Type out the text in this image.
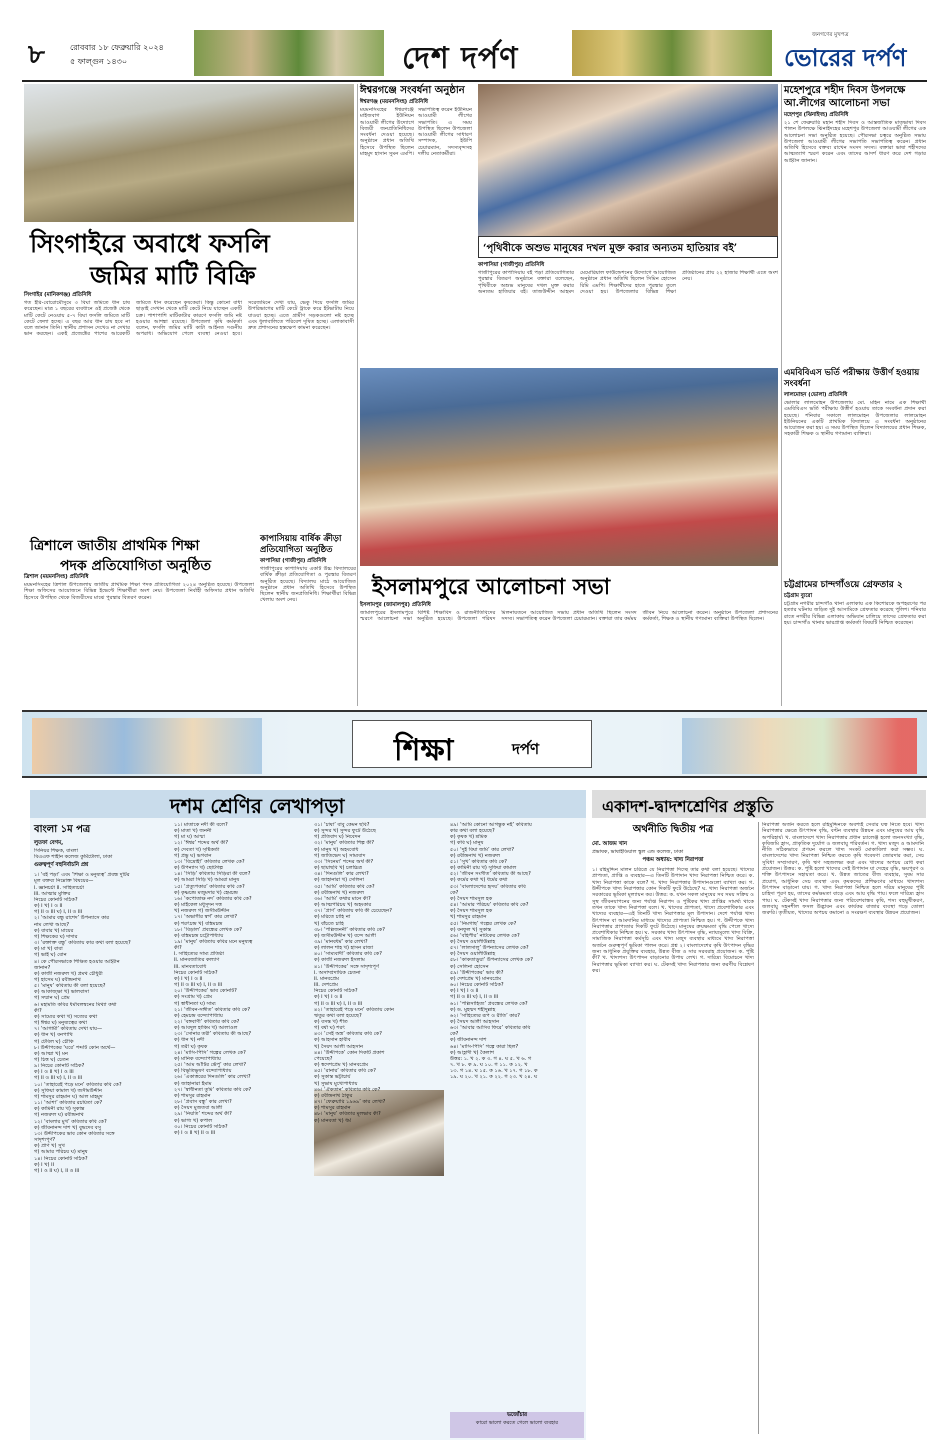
৮	রোববার ১৮ ফেব্রুয়ারি ২০২৪
৫ ফাল্গুন ১৪৩০	দেশ দর্পণ
জনগণের মুখপত্র
ভোরের দর্পণ
সিংগাইরে অবাধে ফসলি
জমির মাটি বিক্রি
সিংগাইর (মানিকগঞ্জ) প্রতিনিধি
গত ইরি-বোরোমৌসুমে ৩ বিঘা জমিতে ধান চাষ করেছেন। মাত্র ১ বছরের ব্যবধানে ওই প্রজেক্ট থেকে মাটি কেটে নেওয়ায় ৫-৭ বিঘা ফসলি জমিতে মাটি কেটে ফেলা হচ্ছে। এ বছর আর ধান চাষ হবে না বলে জানান তিনি। স্থানীয় প্রশাসন দেখেও না দেখার ভান করছেন। একই প্রজেক্টের পাশের আরেকটি জমিতে ধান করেছেন কৃষকেরা। কিন্তু কোনো বাধা ছাড়াই সেখান থেকে মাটি কেটে নিয়ে যাচ্ছেন একটি চক্র। পাশাপাশি মাটিকাটার কারণে ফসলি জমি নষ্ট হওয়ার আশঙ্কা রয়েছে। উপজেলা কৃষি কর্মকর্তা বলেন, ফসলি জমির মাটি কাটা আইনত দণ্ডনীয় অপরাধ। অভিযোগ পেলে ব্যবস্থা নেওয়া হবে। সরেজমিনে দেখা যায়, ভেকু দিয়ে ফসলি জমির উপরিভাগের মাটি কেটে ট্রাকে করে ইটভাটায় নিয়ে যাওয়া হচ্ছে। এতে গ্রামীণ সড়কগুলো নষ্ট হচ্ছে এবং ধুলাবালিতে পরিবেশ দূষিত হচ্ছে। এলাকাবাসী দ্রুত প্রশাসনের হস্তক্ষেপ কামনা করেছেন।
ঈশ্বরগঞ্জে সংবর্ধনা অনুষ্ঠান
ঈশ্বরগঞ্জ (ময়মনসিংহ) প্রতিনিধি
ময়মনসিংহের ঈশ্বরগঞ্জে মাইজবাগ ইউনিয়ন আওয়ামী লীগের উদ্যোগে বিজয়ী জনপ্রতিনিধিদের সংবর্ধনা দেওয়া হয়েছে। অনুষ্ঠানে প্রধান অতিথি হিসেবে উপস্থিত ছিলেন মাহমুদ হাসান সুমন এমপি। সভাপতিত্ব করেন ইউনিয়ন আওয়ামী লীগের সভাপতি। এ সময় উপস্থিত ছিলেন উপজেলা আওয়ামী লীগের সাধারণ সম্পাদক, ইউপি চেয়ারম্যান, সদস্যবৃন্দসহ দলীয় নেতাকর্মীরা।
‘পৃথিবীকে অশুভ মানুষের দখল মুক্ত করার অন্যতম হাতিয়ার বই’
কাপাসিয়া (গাজীপুর) প্রতিনিধি
গাজীপুরের কাপাসিয়ায় বই পড়া প্রতিযোগিতার পুরস্কার বিতরণ অনুষ্ঠানে বক্তারা বলেছেন, পৃথিবীকে অশুভ মানুষের দখল মুক্ত করার অন্যতম হাতিয়ার বই। তাজউদ্দীন আহমদ মেমোরিয়াল ফাউন্ডেশনের উদ্যোগে আয়োজিত অনুষ্ঠানে প্রধান অতিথি ছিলেন সিমিন হোসেন রিমি এমপি। শিক্ষার্থীদের হাতে পুরস্কার তুলে দেওয়া হয়। উপজেলার বিভিন্ন শিক্ষা প্রতিষ্ঠানের প্রায় ২২ হাজার শিক্ষার্থী এতে অংশ নেয়।
মহেশপুরে শহীদ দিবস উপলক্ষে আ.লীগের আলোচনা সভা
মহেশপুর (ঝিনাইদহ) প্রতিনিধি
২১ শে ফেব্রুয়ারি মহান শহীদ দিবস ও আন্তর্জাতিক মাতৃভাষা দিবস পালন উপলক্ষে ঝিনাইদহের মহেশপুর উপজেলা আওয়ামী লীগের এক আলোচনা সভা অনুষ্ঠিত হয়েছে। পৌরসভা চত্বরে অনুষ্ঠিত সভায় উপজেলা আওয়ামী লীগের সভাপতি সভাপতিত্ব করেন। প্রধান অতিথি হিসেবে বক্তব্য রাখেন সংসদ সদস্য। বক্তারা ভাষা শহীদদের আত্মত্যাগ স্মরণ করেন এবং তাদের আদর্শ ধারণ করে দেশ গড়ার আহ্বান জানান।
এমবিবিএস ভর্তি পরীক্ষায় উত্তীর্ণ হওয়ায় সংবর্ধনা
লালমোহন (ভোলা) প্রতিনিধি
ভোলার লালমোহন উপজেলায় মো. মহিন নামে এক শিক্ষার্থী এমবিবিএস ভর্তি পরীক্ষায় উত্তীর্ণ হওয়ায় তাকে সংবর্ধনা প্রদান করা হয়েছে। শনিবার সকালে লালমোহন উপজেলার লালমোহন ইউনিয়নের একটি প্রাথমিক বিদ্যালয়ে এ সংবর্ধনা অনুষ্ঠানের আয়োজন করা হয়। এ সময় উপস্থিত ছিলেন বিদ্যালয়ের প্রধান শিক্ষক, সহকারী শিক্ষক ও স্থানীয় গণ্যমান্য ব্যক্তিরা।
ত্রিশালে জাতীয় প্রাথমিক শিক্ষা
পদক প্রতিযোগিতা অনুষ্ঠিত
ত্রিশাল (ময়মনসিংহ) প্রতিনিধি
ময়মনসিংহের ত্রিশাল উপজেলায় জাতীয় প্রাথমিক শিক্ষা পদক প্রতিযোগিতা ২০২৪ অনুষ্ঠিত হয়েছে। উপজেলা শিক্ষা অফিসের আয়োজনে বিভিন্ন ইভেন্টে শিক্ষার্থীরা অংশ নেয়। উপজেলা নির্বাহী অফিসার প্রধান অতিথি হিসেবে উপস্থিত থেকে বিজয়ীদের মাঝে পুরস্কার বিতরণ করেন।
কাপাসিয়ায় বার্ষিক ক্রীড়া প্রতিযোগিতা অনুষ্ঠিত
কাপাসিয়া (গাজীপুর) প্রতিনিধি
গাজীপুরের কাপাসিয়ায় একটি উচ্চ বিদ্যালয়ের বার্ষিক ক্রীড়া প্রতিযোগিতা ও পুরস্কার বিতরণ অনুষ্ঠিত হয়েছে। বিদ্যালয় মাঠে আয়োজিত অনুষ্ঠানে প্রধান অতিথি হিসেবে উপস্থিত ছিলেন স্থানীয় জনপ্রতিনিধি। শিক্ষার্থীরা বিভিন্ন খেলায় অংশ নেয়।
ইসলামপুরে আলোচনা সভা
ইসলামপুর (জামালপুর) প্রতিনিধি
জামালপুরের ইসলামপুরে বিশিষ্ট শিক্ষাবিদ ও রাজনীতিবিদের স্মরণে আলোচনা সভা অনুষ্ঠিত হয়েছে। উপজেলা পরিষদ মিলনায়তনে আয়োজিত সভায় প্রধান অতিথি ছিলেন সংসদ সদস্য। সভাপতিত্ব করেন উপজেলা চেয়ারম্যান। বক্তারা তার কর্মময় জীবন নিয়ে আলোচনা করেন। অনুষ্ঠানে উপজেলা প্রশাসনের কর্মকর্তা, শিক্ষক ও স্থানীয় গণ্যমান্য ব্যক্তিরা উপস্থিত ছিলেন।
চট্টগ্রামের চান্দগাঁওয়ে গ্রেফতার ২
চট্টগ্রাম ব্যুরো
চট্টগ্রাম নগরীর চান্দগাঁও থানা এলাকায় এক কিশোরকে অপহরণের পর হত্যার ঘটনায় জড়িত দুই আসামিকে গ্রেফতার করেছে পুলিশ। শনিবার রাতে নগরীর বিভিন্ন এলাকায় অভিযান চালিয়ে তাদের গ্রেফতার করা হয়। চান্দগাঁও থানার ভারপ্রাপ্ত কর্মকর্তা বিষয়টি নিশ্চিত করেছেন।
শিক্ষা	দর্পণ
দশম শ্রেণির লেখাপড়া
বাংলা ১ম পত্র
লুতফা বেগম,
সিনিয়র শিক্ষক, বাংলা
বিএএফ শাহীন কলেজ কুর্মিটোলা, ঢাকা
গুরুত্বপূর্ণ বহুনির্বাচনি প্রশ্ন
১। ‘বই পড়া’ এবং ‘শিক্ষা ও মনুষ্যত্ব’ প্রবন্ধ দুটির
মূল বক্তব্য নিম্নোক্ত বিষয়ের—
i. জ্ঞানচর্চা ii. সাহিত্যচর্চা
iii. আত্মার মুক্তির
নিচের কোনটি সঠিক?
ক) i খ) i ও ii
গ) ii ও iii ঘ) i, ii ও iii
২। ‘আমার বন্ধু রাশেদ’ উপন্যাসে কার
নাম লেখা আছে?
ক) বাবার খ) মায়ের
গ) শিক্ষকের ঘ) দাদার
৩। ‘রক্তাক্ত বন্ধু’ কবিতায় কার কথা বলা হয়েছে?
ক) মা খ) বাবা
গ) ভাই ঘ) বোন
৪। কে পৌরসভাকে শিক্ষিত হওয়ার আহ্বান
জানান?
ক) কাজী নজরুল খ) প্রমথ চৌধুরী
গ) হাসেম ঘ) রবীন্দ্রনাথ
৫। ‘মানুষ’ কবিতায় কী বলা হয়েছে?
ক) আকাজ্ক্ষা খ) ভালবাসা
গ) সম্মান ঘ) প্রেম
৬। মহামতি কবির ধর্মাবলম্বনের মিথ্যা কথা
কী?
ক) সাম্যের কথা খ) সত্যের কথা
গ) ঈশ্বর ঘ) মনুষ্যত্বের কথা
৭। ‘আগামী’ কবিতায় দেখা যায়—
ক) ধান খ) বনপাখি
গ) টেবিল ঘ) চৌকি
৮। উদ্দীপকের ‘ঘরে’ শব্দটি কোন অর্থে—
ক) আত্মা খ) মন
গ) চিত্ত ঘ) চেতন
৯। নিচের কোনটি সঠিক?
ক) i ও ii খ) i ও iii
গ) ii ও iii ঘ) i, ii ও iii
১০। ‘তাহারেই পড়ে মনে’ কবিতার কবি কে?
ক) সুফিয়া কামাল খ) জসীমউদ্দীন
গ) শামসুর রাহমান ঘ) আল মাহমুদ
১১। ‘আশা’ কবিতার রচয়িতা কে?
ক) কামিনী রায় খ) সুকান্ত
গ) নজরুল ঘ) রবীন্দ্রনাথ
১২। ‘বাংলার মুখ’ কবিতার কবি কে?
ক) জীবনানন্দ দাশ খ) বুদ্ধদেব বসু
১৩। উদ্দীপকের ভাব কোন কবিতার সঙ্গে
সাদৃশ্যপূর্ণ?
ক) প্রাণ খ) সুখ
গ) আমার পরিচয় ঘ) মানুষ
১৪। নিচের কোনটি সঠিক?
ক) i খ) ii
গ) i ও ii ঘ) i, ii ও iii
১১। মাতাকে নদী কী বলে?
ক) মাতা খ) জননী
গ) মা ঘ) আম্মা
১২। ‘ঈশ্বর’ শব্দের অর্থ কী?
ক) দেবতা খ) সৃষ্টিকর্তা
গ) প্রভু ঘ) ভগবান
১৩। ‘বিদ্রোহী’ কবিতার লেখক কে?
ক) উপন্যাস খ) ছোটগল্প
১৪। ‘সিঁড়ি’ কবিতায় সিঁড়িরা কী বলে?
ক) আমরা সিঁড়ি খ) আমরা মানুষ
১৫। ‘প্রত্যুপকার’ কবিতার কবি কে?
ক) কৃষ্ণচন্দ্র মজুমদার খ) হেমচন্দ্র
১৬। ‘কপোতাক্ষ নদ’ কবিতার কবি কে?
ক) মাইকেল মধুসূদন দত্ত
খ) নজরুল গ) জসীমউদ্দীন
১৭। ‘অভাগীর স্বর্গ’ কার লেখা?
ক) শরৎচন্দ্র খ) বঙ্কিমচন্দ্র
১৮। ‘বিড়াল’ প্রবন্ধের লেখক কে?
ক) বঙ্কিমচন্দ্র চট্টোপাধ্যায়
১৯। ‘মানুষ’ কবিতায় কবির মনে মনুষ্যত্ব
কী?
i. সাহিত্যের সাম্য প্রতিষ্ঠা
ii. মানবজাতির কল্যাণ
iii. মানবতাবোধ
নিচের কোনটি সঠিক?
ক) i খ) i ও ii
গ) ii ও iii ঘ) i, ii ও iii
২০। ‘উদ্দীপকের’ ভাব কোনটি?
ক) সংগ্রাম খ) প্রেম
গ) স্বাধীনতা ঘ) সাম্য
২১। ‘জীবন-সঙ্গীত’ কবিতার কবি কে?
ক) হেমচন্দ্র বন্দ্যোপাধ্যায়
২২। ‘বঙ্গবাণী’ কবিতার কবি কে?
ক) আবদুল হাকিম খ) আলাওল
২৩। ‘সোনার তরী’ কবিতায় কী আছে?
ক) ধান খ) নদী
গ) তরী ঘ) কৃষক
২৪। ‘মাসি-পিসি’ গল্পের লেখক কে?
ক) মানিক বন্দ্যোপাধ্যায়
২৫। ‘আম আঁটির ভেঁপু’ কার লেখা?
ক) বিভূতিভূষণ বন্দ্যোপাধ্যায়
২৬। ‘একাত্তরের দিনগুলি’ কার লেখা?
ক) জাহানারা ইমাম
২৭। ‘স্বাধীনতা তুমি’ কবিতার কবি কে?
ক) শামসুর রাহমান
২৮। ‘প্রবাস বন্ধু’ কার লেখা?
ক) সৈয়দ মুজতবা আলী
২৯। ‘নিয়তি’ শব্দের অর্থ কী?
ক) ভাগ্য খ) কপাল
৩০। নিচের কোনটি সঠিক?
ক) i ও ii খ) ii ও iii
৩১। ‘চাষা’ বাবু কেমন ছবি?
ক) সুন্দর খ) সুন্দর ফুটে উঠেছে
গ) প্রতিবাদ ঘ) নিবেদন
৩২। ‘মানুষ’ কবিতার শিল্প কী?
ক) মানুষ খ) অহংবোধ
গ) জাতিভেদ ঘ) সাম্যবাদ
৩৩। ‘সিনেমা’ শব্দের অর্থ কী?
ক) ছায়াছবি খ) চলচ্চিত্র
৩৪। ‘দিনগুলি’ কার লেখা?
ক) জাহানারা খ) সেলিনা
৩৫। ‘আমি’ কবিতার কবি কে?
ক) রবীন্দ্রনাথ খ) নজরুল
৩৬। ‘আমি’ কথার মানে কী?
ক) আত্মপরিচয় খ) অহংকার
৩৭। ‘প্রাণ’ কবিতায় কবি কী চেয়েছেন?
ক) মরিতে চাহি না
খ) বাঁচতে চাহি
৩৮। ‘পল্লিজননী’ কবিতার কবি কে?
ক) জসীমউদ্দীন খ) বন্দে আলী
৩৯। ‘মানবধর্ম’ কার লেখা?
ক) লালন শাহ খ) হাসন রাজা
৪০। ‘সাম্যবাদী’ কবিতার কবি কে?
ক) কাজী নজরুল ইসলাম
৪১। ‘উদ্দীপকের’ সঙ্গে সাদৃশ্যপূর্ণ
i. অসাম্প্রদায়িক চেতনা
ii. মানবপ্রেম
iii. দেশপ্রেম
নিচের কোনটি সঠিক?
ক) i খ) i ও ii
গ) ii ও iii ঘ) i, ii ও iii
৪২। ‘তাহারেই পড়ে মনে’ কবিতায় কোন
ঋতুর কথা বলা হয়েছে?
ক) বসন্ত খ) শীত
গ) বর্ষা ঘ) শরৎ
৪৩। ‘সেই অস্ত্র’ কবিতার কবি কে?
ক) আহসান হাবীব
খ) সৈয়দ আলী আহসান
৪৪। ‘উদ্দীপকে’ কোন দিকটি প্রকাশ
পেয়েছে?
ক) স্বদেশপ্রেম খ) মানবপ্রেম
৪৫। ‘রানার’ কবিতার কবি কে?
ক) সুকান্ত ভট্টাচার্য
খ) সুভাষ মুখোপাধ্যায়
৪৬। ‘ঐকতান’ কবিতার কবি কে?
ক) রবীন্দ্রনাথ ঠাকুর
৪৭। ‘ফেব্রুয়ারি ১৯৬৯’ কার লেখা?
ক) শামসুর রাহমান
৪৮। ‘মানুষ’ কবিতার মূলভাব কী?
ক) মানবতা খ) ধর্ম
৪৯। ‘আমি কোনো আগন্তুক নই’ কবিতায়
কার কথা বলা হয়েছে?
ক) কৃষক খ) শ্রমিক
গ) কবি ঘ) মানুষ
৫০। ‘দুই বিঘা জমি’ কার লেখা?
ক) রবীন্দ্রনাথ খ) নজরুল
৫১। ‘সুখ’ কবিতার কবি কে?
ক) কামিনী রায় খ) সুফিয়া কামাল
৫২। ‘জীবন সংগীত’ কবিতায় কী আছে?
ক) কর্মের কথা খ) ধর্মের কথা
৫৩। ‘বাংলাদেশের হৃদয়’ কবিতার কবি
কে?
ক) সৈয়দ শামসুল হক
৫৪। ‘আমার পরিচয়’ কবিতার কবি কে?
ক) সৈয়দ শামসুল হক
খ) শামসুর রাহমান
৫৫। ‘নিমগাছ’ গল্পের লেখক কে?
ক) বনফুল খ) সুকান্ত
৫৬। ‘বহিপীর’ নাটকের লেখক কে?
ক) সৈয়দ ওয়ালীউল্লাহ
৫৭। ‘লালসালু’ উপন্যাসের লেখক কে?
ক) সৈয়দ ওয়ালীউল্লাহ
৫৮। ‘কাকতাড়ুয়া’ উপন্যাসের লেখক কে?
ক) সেলিনা হোসেন
৫৯। ‘উদ্দীপকের’ ভাব কী?
ক) দেশপ্রেম খ) মানবপ্রেম
৬০। নিচের কোনটি সঠিক?
ক) i খ) i ও ii
গ) ii ও iii ঘ) i, ii ও iii
৬১। ‘পল্লিসাহিত্য’ প্রবন্ধের লেখক কে?
ক) ড. মুহম্মদ শহীদুল্লাহ
৬২। ‘সাহিত্যের রূপ ও রীতি’ কার?
ক) সৈয়দ আলী আহসান
৬৩। ‘আবার আসিব ফিরে’ কবিতার কবি
কে?
ক) জীবনানন্দ দাশ
৬৪। ‘মাসি-পিসি’ গল্পে কারা ছিল?
ক) আহ্লাদী খ) কৈলাশ
উত্তর: ১. খ ২. ক ৩. গ ৪. ঘ ৫. খ ৬. গ
৭. খ ৮. ক ৯. ঘ ১০. গ ১১. ক ১২. খ
১৩. গ ১৪. ঘ ১৫. ক ১৬. খ ১৭. গ ১৮. ক
১৯. ঘ ২০. খ ২১. ক ২২. গ ২৩. খ ২৪. ঘ
ভজোঁচার
কারো ভালো করতে গেলে ভালো ব্যবহার
একাদশ-দ্বাদশশ্রেণির প্রস্তুতি
অর্থনীতি দ্বিতীয় পত্র
মো. আজম খান
প্রভাষক, ভাষাইডিয়াল স্কুল এন্ড কলেজ, ঢাকা
পঞ্চম অধ্যায়: খাদ্য নিরাপত্তা
১। রহিমুদ্দিন মালন চরিত্রে যে নিরাপত্তা দিচ্ছে তার কথা বলা হয়েছে। খাদ্যের প্রাপ্যতা, প্রাপ্তি ও ব্যবহার—এ তিনটি উপাদান খাদ্য নিরাপত্তা নিশ্চিত করে। ক. খাদ্য নিরাপত্তা কাকে বলে? খ. খাদ্য নিরাপত্তার উপাদানগুলো ব্যাখ্যা কর। গ. উদ্দীপকে খাদ্য নিরাপত্তার কোন দিকটি ফুটে উঠেছে? ঘ. খাদ্য নিরাপত্তা অর্জনে সরকারের ভূমিকা মূল্যায়ন কর। উত্তর: ক. যখন সকল মানুষের সব সময় সক্রিয় ও সুস্থ জীবনযাপনের জন্য পর্যাপ্ত নিরাপদ ও পুষ্টিকর খাদ্য প্রাপ্তির সামর্থ্য থাকে তখন তাকে খাদ্য নিরাপত্তা বলে। খ. খাদ্যের প্রাপ্যতা, খাদ্যে প্রবেশাধিকার এবং খাদ্যের ব্যবহার—এই তিনটি খাদ্য নিরাপত্তার মূল উপাদান। দেশে পর্যাপ্ত খাদ্য উৎপাদন বা আমদানির মাধ্যমে খাদ্যের প্রাপ্যতা নিশ্চিত হয়। গ. উদ্দীপকে খাদ্য নিরাপত্তার প্রাপ্যতার দিকটি ফুটে উঠেছে। মানুষের ক্রয়ক্ষমতা বৃদ্ধি পেলে খাদ্যে প্রবেশাধিকার নিশ্চিত হয়। ঘ. সরকার খাদ্য উৎপাদন বৃদ্ধি, ন্যায্যমূল্যে খাদ্য বিক্রি, সামাজিক নিরাপত্তা কর্মসূচি এবং খাদ্য মজুদ ব্যবস্থার মাধ্যমে খাদ্য নিরাপত্তা অর্জনে গুরুত্বপূর্ণ ভূমিকা পালন করে। প্রশ্ন ২। বাংলাদেশের কৃষি উৎপাদন বৃদ্ধির জন্য আধুনিক প্রযুক্তির ব্যবহার, উন্নত বীজ ও সার সরবরাহ প্রয়োজন। ক. পুষ্টি কী? খ. খাদ্যশস্য উৎপাদন বাড়ানোর উপায় লেখ। গ. দারিদ্র্য বিমোচনে খাদ্য নিরাপত্তার ভূমিকা ব্যাখ্যা কর। ঘ. টেকসই খাদ্য নিরাপত্তার জন্য করণীয় বিশ্লেষণ কর।
নিরাপত্তা অর্জন করতে হলে রহিমুদ্দিনকে অবশ্যই সেবার যত্ন নিতে হবে। খাদ্য নিরাপত্তার ক্ষেত্রে উৎপাদন বৃদ্ধি, বণ্টন ব্যবস্থার উন্নয়ন এবং মানুষের আয় বৃদ্ধি অপরিহার্য। খ. বাংলাদেশে খাদ্য নিরাপত্তার প্রধান চ্যালেঞ্জ হলো জনসংখ্যা বৃদ্ধি, কৃষিজমি হ্রাস, প্রাকৃতিক দুর্যোগ ও জলবায়ু পরিবর্তন। গ. খাদ্য মজুদ ও আমদানি নীতি সঠিকভাবে প্রণয়ন করলে খাদ্য সংকট মোকাবিলা করা সম্ভব। ঘ. বাংলাদেশের খাদ্য নিরাপত্তা নিশ্চিত করতে কৃষি গবেষণা জোরদার করা, সেচ সুবিধা সম্প্রসারণ, কৃষি ঋণ সহজলভ্য করা এবং খাদ্যের অপচয় রোধ করা প্রয়োজন। উত্তর: ক. পুষ্টি হলো খাদ্যের সেই উপাদান যা দেহের বৃদ্ধি, ক্ষয়পূরণ ও শক্তি উৎপাদনে সহায়তা করে। খ. উন্নত জাতের বীজ ব্যবহার, সুষম সার প্রয়োগ, আধুনিক সেচ ব্যবস্থা এবং কৃষকদের প্রশিক্ষণের মাধ্যমে খাদ্যশস্য উৎপাদন বাড়ানো যায়। গ. খাদ্য নিরাপত্তা নিশ্চিত হলে দরিদ্র মানুষের পুষ্টি চাহিদা পূরণ হয়, তাদের কর্মক্ষমতা বাড়ে এবং আয় বৃদ্ধি পায়। ফলে দারিদ্র্য হ্রাস পায়। ঘ. টেকসই খাদ্য নিরাপত্তার জন্য পরিবেশবান্ধব কৃষি, শস্য বহুমুখীকরণ, জলবায়ু সহনশীল ফসল উদ্ভাবন এবং কার্যকর বাজার ব্যবস্থা গড়ে তোলা জরুরি। তৃতীয়ত, খাদ্যের অপচয় কমানো ও সংরক্ষণ ব্যবস্থার উন্নয়ন প্রয়োজন।
